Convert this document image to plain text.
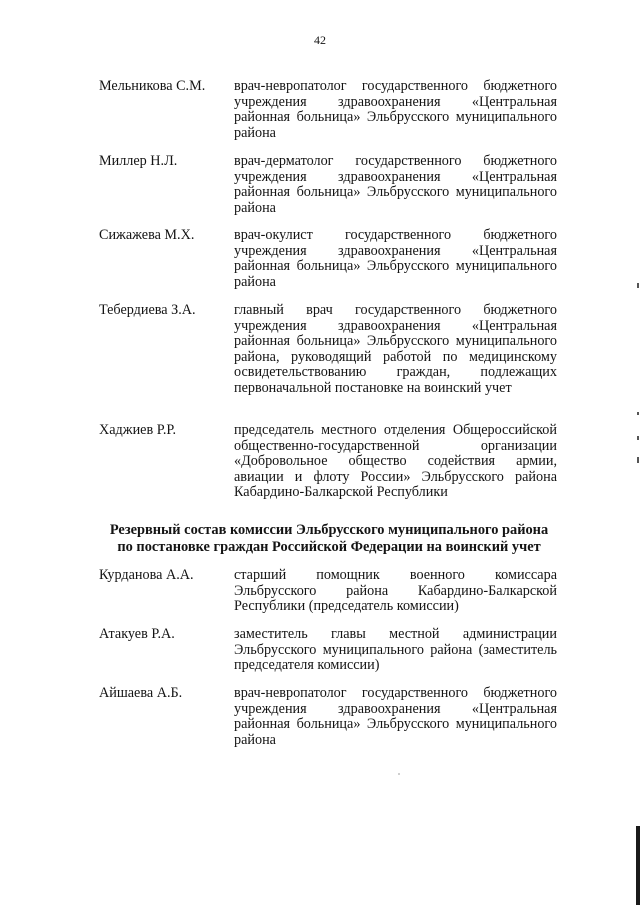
42
Мельникова С.М. врач-невропатолог государственного бюджетного учреждения здравоохранения «Центральная районная больница» Эльбрусского муниципального района
Миллер Н.Л.	врач-дерматолог государственного бюджетного учреждения здравоохранения «Центральная районная больница» Эльбрусского муниципального района
Сижажева М.Х.	врач-окулист государственного бюджетного учреждения здравоохранения «Центральная районная больница» Эльбрусского муниципального района
Тебердиева З.А.	главный врач государственного бюджетного учреждения здравоохранения «Центральная районная больница» Эльбрусского муниципального района, руководящий работой по медицинскому освидетельствованию граждан, подлежащих первоначальной постановке на воинский учет
Хаджиев Р.Р.	председатель местного отделения Общероссийской общественно-государственной организации «Добровольное общество содействия армии, авиации и флоту России» Эльбрусского района Кабардино-Балкарской Республики
Резервный состав комиссии Эльбрусского муниципального района
по постановке граждан Российской Федерации на воинский учет
Курданова А.А.	старший помощник военного комиссара Эльбрусского района Кабардино-Балкарской Республики (председатель комиссии)
Атакуев Р.А.	заместитель главы местной администрации Эльбрусского муниципального района (заместитель председателя комиссии)
Айшаева А.Б.	врач-невропатолог государственного бюджетного учреждения здравоохранения «Центральная районная больница» Эльбрусского муниципального района
